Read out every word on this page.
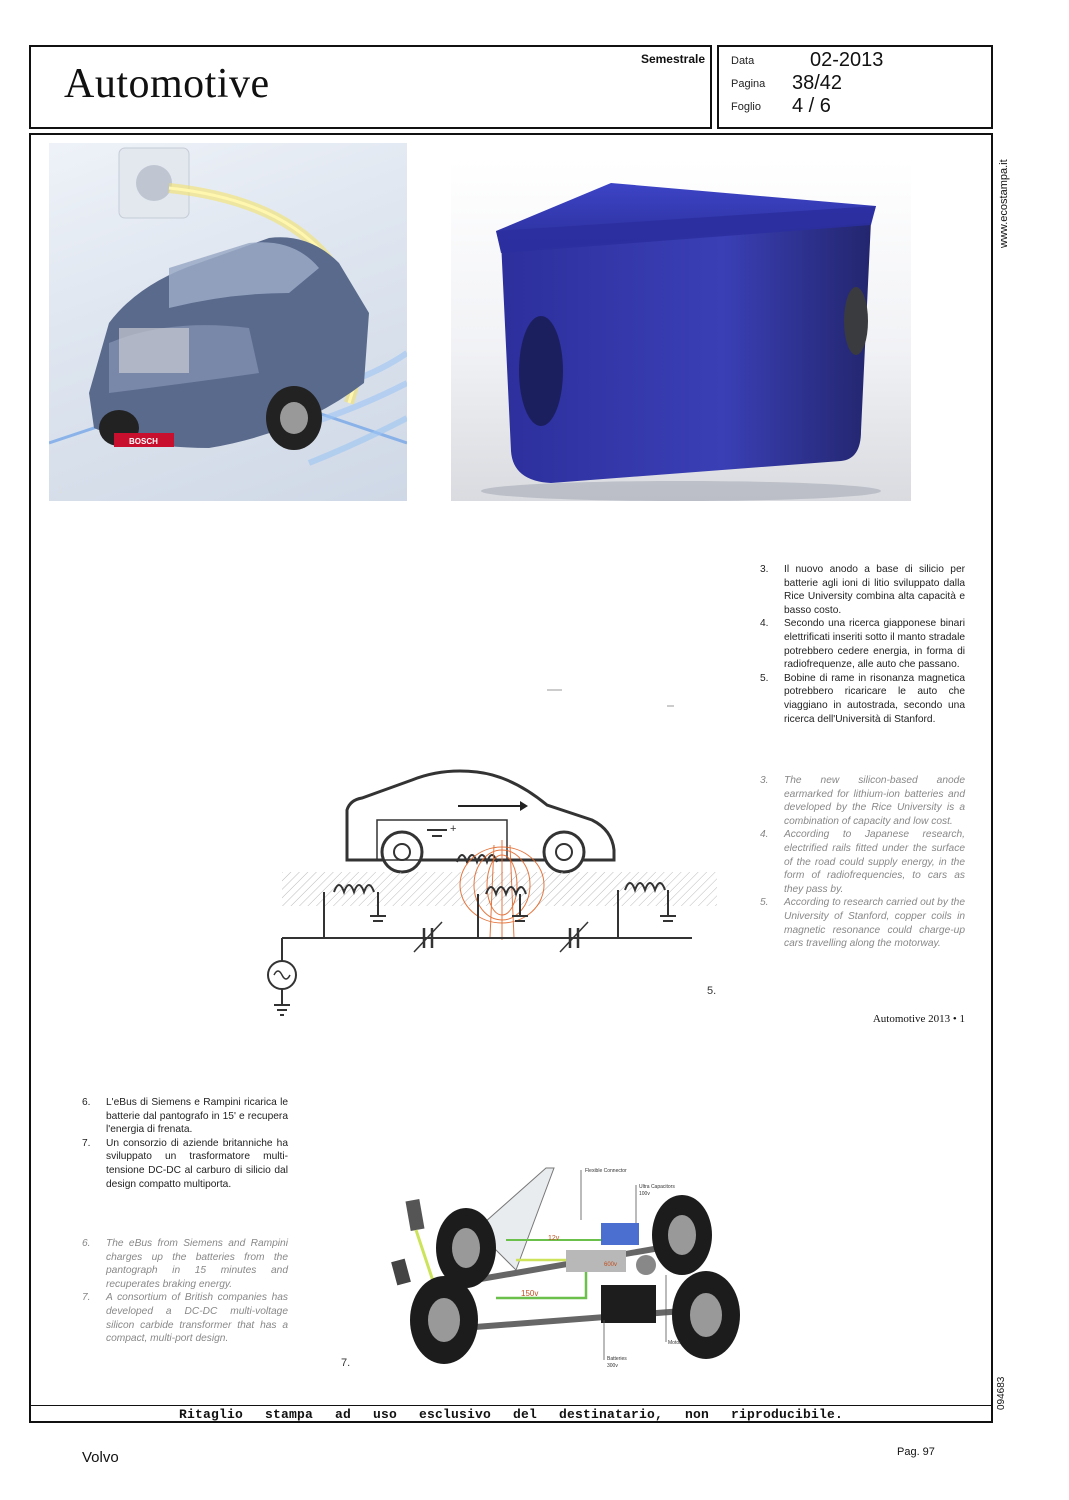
Automotive
Semestrale Data	02-2013
Pagina 38/42
Foglio 4 / 6
Ritaglio stampa ad uso esclusivo del destinatario, non riproducibile.
www.ecostampa.it
094683
BOSCH
1.	2.
3.	Il nuovo anodo a base di silicio per batterie agli ioni di litio sviluppato dalla Rice University combina alta capacità e basso costo.
4.	Secondo una ricerca giapponese binari elettrificati inseriti sotto il manto stradale potrebbero cedere energia, in forma di radiofrequenze, alle auto che passano.
5.	Bobine di rame in risonanza magnetica potrebbero ricaricare le auto che viaggiano in autostrada, secondo una ricerca dell'Università di Stanford.
3.	The new silicon-based anode earmarked for lithium-ion batteries and developed by the Rice University is a combination of capacity and low cost.
4.	According to Japanese research, electrified rails fitted under the surface of the road could supply energy, in the form of radiofrequencies, to cars as they pass by.
5.	According to research carried out by the University of Stanford, copper coils in magnetic resonance could charge-up cars travelling along the motorway.
Automotive 2013 • 1
+
5.
6.	L'eBus di Siemens e Rampini ricarica le batterie dal pantografo in 15' e recupera l'energia di frenata.
7.	Un consorzio di aziende britanniche ha sviluppato un trasformatore multi-tensione DC-DC al carburo di silicio dal design compatto multiporta.
6.	The eBus from Siemens and Rampini charges up the batteries from the pantograph in 15 minutes and recuperates braking energy.
7.	A consortium of British companies has developed a DC-DC multi-voltage silicon carbide transformer that has a compact, multi-port design.
12v
150v
600v
Flexible Connector
Ultra Capacitors
100v
Batteries
300v
Motor
7.
Volvo	Pag. 97
